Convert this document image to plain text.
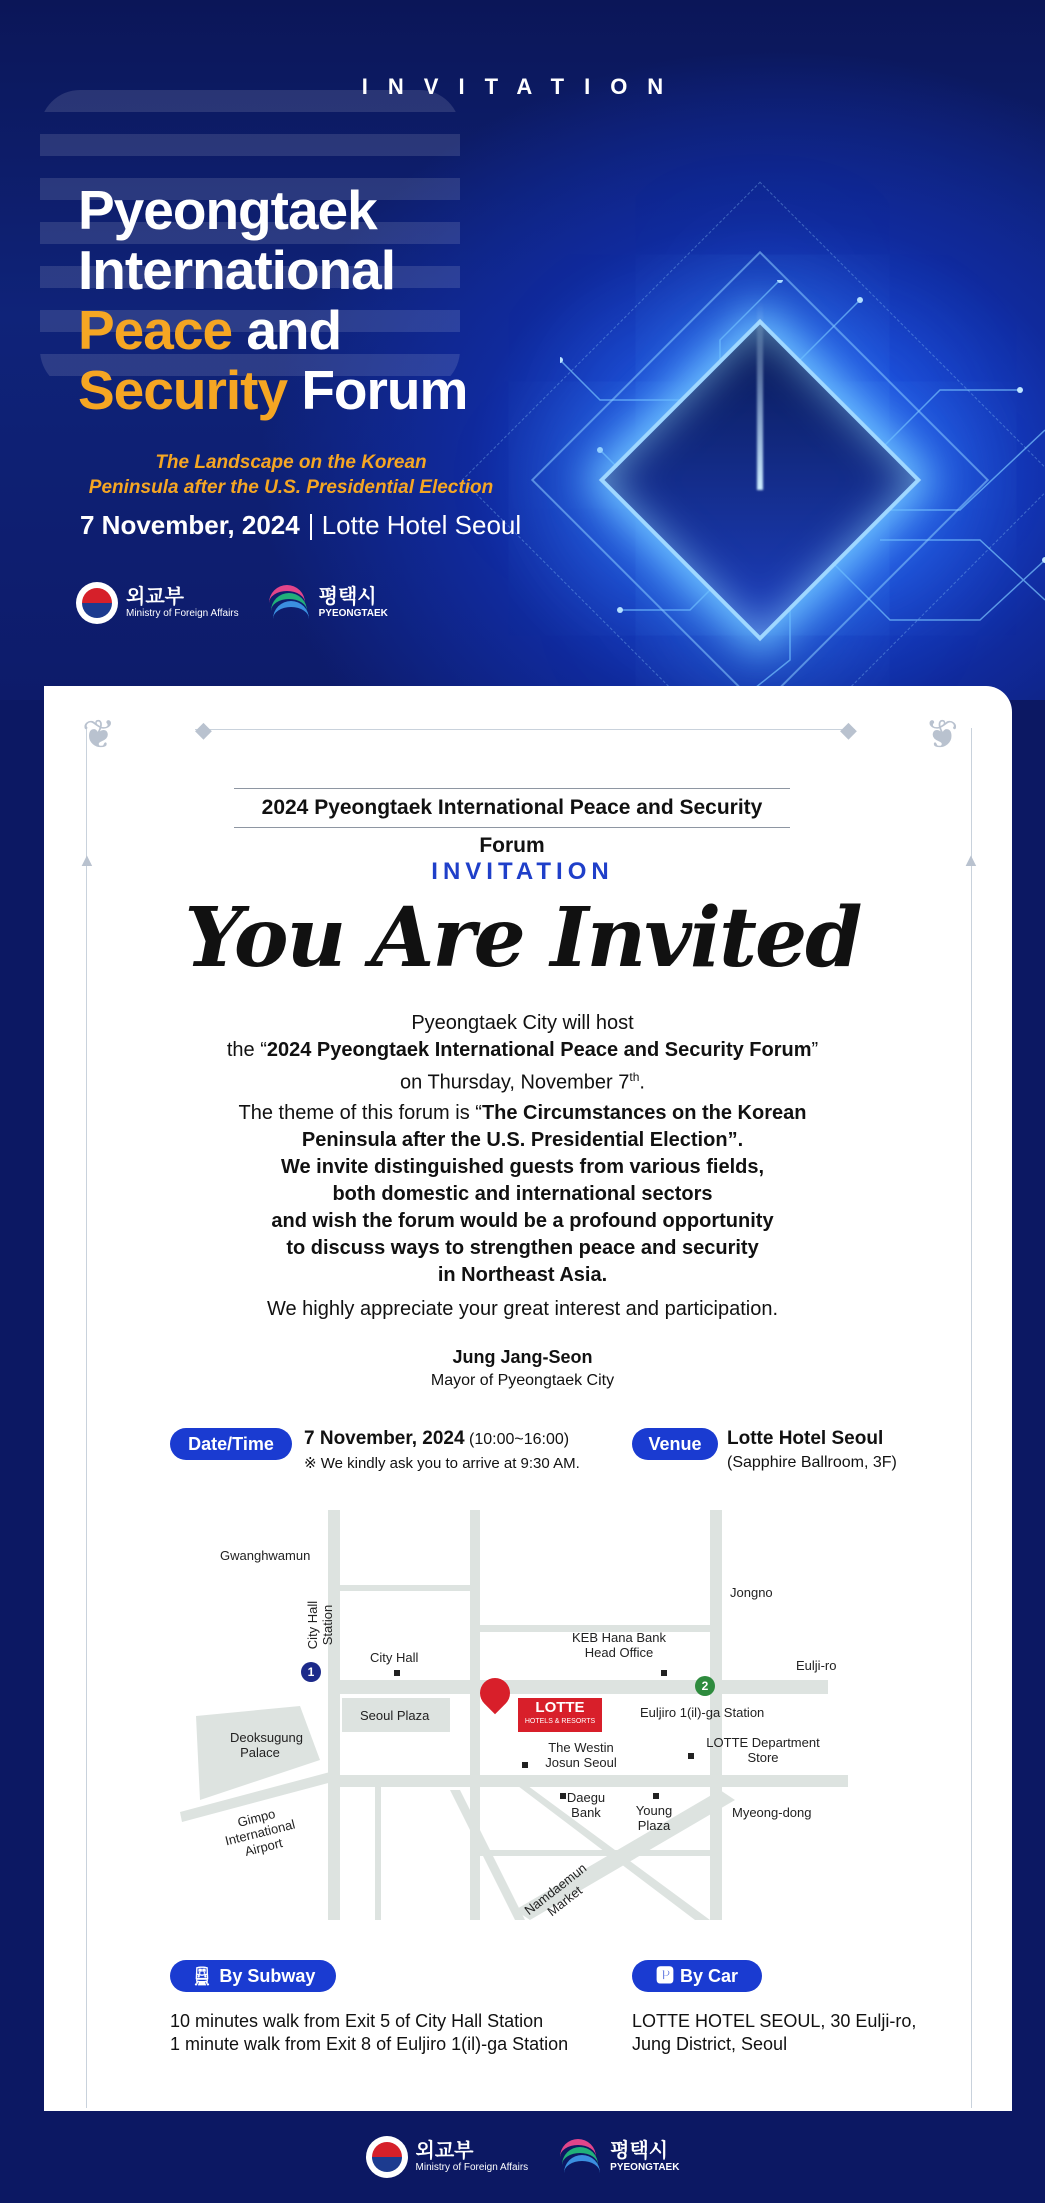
INVITATION
Pyeongtaek
International
Peace and
Security Forum
The Landscape on the Korean
Peninsula after the U.S. Presidential Election
7 November, 2024 Lotte Hotel Seoul
외교부
Ministry of Foreign Affairs
평택시
PYEONGTAEK
❦	❦
◆	◆
▲	▲
2024 Pyeongtaek International Peace and Security Forum
INVITATION
You Are Invited
Pyeongtaek City will host
the “2024 Pyeongtaek International Peace and Security Forum”
on Thursday, November 7th.
The theme of this forum is “The Circumstances on the Korean
Peninsula after the U.S. Presidential Election”.
We invite distinguished guests from various fields,
both domestic and international sectors
and wish the forum would be a profound opportunity
to discuss ways to strengthen peace and security
in Northeast Asia.
We highly appreciate your great interest and participation.
Jung Jang-Seon
Mayor of Pyeongtaek City
Date/Time	7 November, 2024 (10:00~16:00)
※ We kindly ask you to arrive at 9:30 AM.
Venue	Lotte Hotel Seoul
(Sapphire Ballroom, 3F)
Gwanghwamun
City Hall Station
1
City Hall
Seoul Plaza
Deoksugung Palace
Gimpo International Airport
Jongno
KEB Hana Bank Head Office
Eulji-ro
2
Euljiro 1(il)-ga Station
LOTTE
HOTELS & RESORTS
The Westin Josun Seoul
LOTTE Department Store
Daegu Bank	Young Plaza
Myeong-dong
Namdaemun Market
🚆︎ By Subway
10 minutes walk from Exit 5 of City Hall Station
1 minute walk from Exit 8 of Euljiro 1(il)-ga Station
🅿︎ By Car
LOTTE HOTEL SEOUL, 30 Eulji-ro,
Jung District, Seoul
외교부
Ministry of Foreign Affairs
평택시
PYEONGTAEK
